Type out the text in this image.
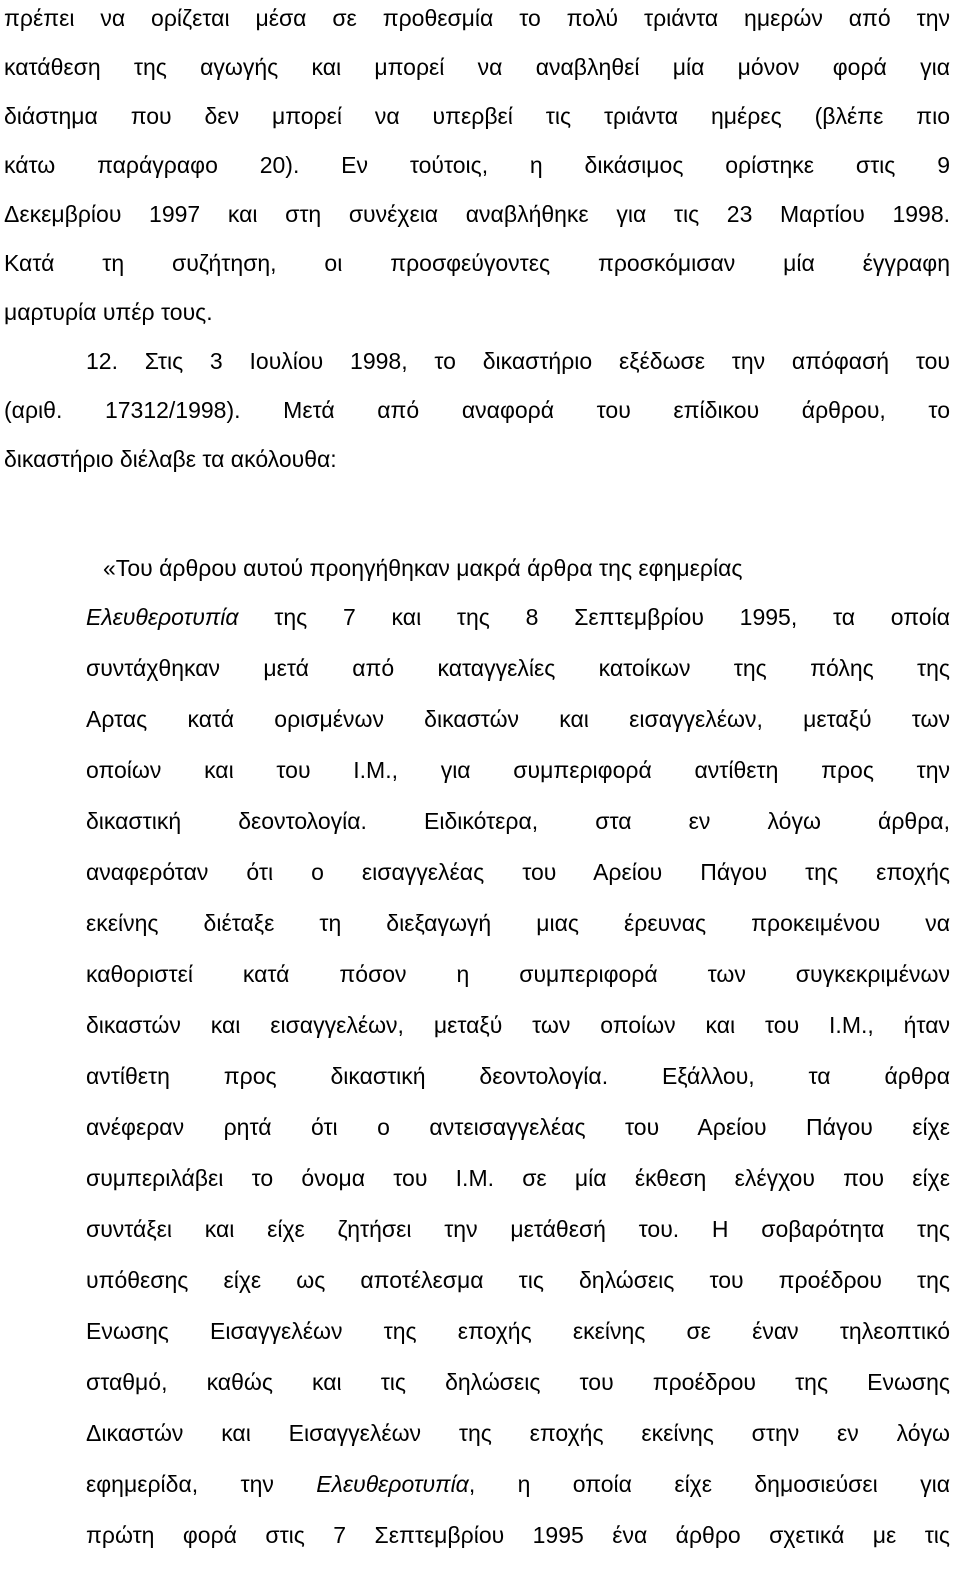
πρέπει να ορίζεται μέσα σε προθεσμία το πολύ τριάντα ημερών από την
κατάθεση της αγωγής και μπορεί να αναβληθεί μία μόνον φορά για
διάστημα που δεν μπορεί να υπερβεί τις τριάντα ημέρες (βλέπε πιο
κάτω παράγραφο 20). Εν τούτοις, η δικάσιμος ορίστηκε στις 9
Δεκεμβρίου 1997 και στη συνέχεια αναβλήθηκε για τις 23 Μαρτίου 1998.
Κατά τη συζήτηση, οι προσφεύγοντες προσκόμισαν μία έγγραφη
μαρτυρία υπέρ τους.
12. Στις 3 Ιουλίου 1998, το δικαστήριο εξέδωσε την απόφασή του
(αριθ. 17312/1998). Μετά από αναφορά του επίδικου άρθρου, το
δικαστήριο διέλαβε τα ακόλουθα:
«Του άρθρου αυτού προηγήθηκαν μακρά άρθρα της εφημερίας
Ελευθεροτυπία της 7 και της 8 Σεπτεμβρίου 1995, τα οποία
συντάχθηκαν μετά από καταγγελίες κατοίκων της πόλης της
Αρτας κατά ορισμένων δικαστών και εισαγγελέων, μεταξύ των
οποίων και του Ι.Μ., για συμπεριφορά αντίθετη προς την
δικαστική δεοντολογία. Ειδικότερα, στα εν λόγω άρθρα,
αναφερόταν ότι ο εισαγγελέας του Αρείου Πάγου της εποχής
εκείνης διέταξε τη διεξαγωγή μιας έρευνας προκειμένου να
καθοριστεί κατά πόσον η συμπεριφορά των συγκεκριμένων
δικαστών και εισαγγελέων, μεταξύ των οποίων και του Ι.Μ., ήταν
αντίθετη προς δικαστική δεοντολογία. Εξάλλου, τα άρθρα
ανέφεραν ρητά ότι ο αντεισαγγελέας του Αρείου Πάγου είχε
συμπεριλάβει το όνομα του Ι.Μ. σε μία έκθεση ελέγχου που είχε
συντάξει και είχε ζητήσει την μετάθεσή του. Η σοβαρότητα της
υπόθεσης είχε ως αποτέλεσμα τις δηλώσεις του προέδρου της
Ενωσης Εισαγγελέων της εποχής εκείνης σε έναν τηλεοπτικό
σταθμό, καθώς και τις δηλώσεις του προέδρου της Ενωσης
Δικαστών και Εισαγγελέων της εποχής εκείνης στην εν λόγω
εφημερίδα, την Ελευθεροτυπία, η οποία είχε δημοσιεύσει για
πρώτη φορά στις 7 Σεπτεμβρίου 1995 ένα άρθρο σχετικά με τις
